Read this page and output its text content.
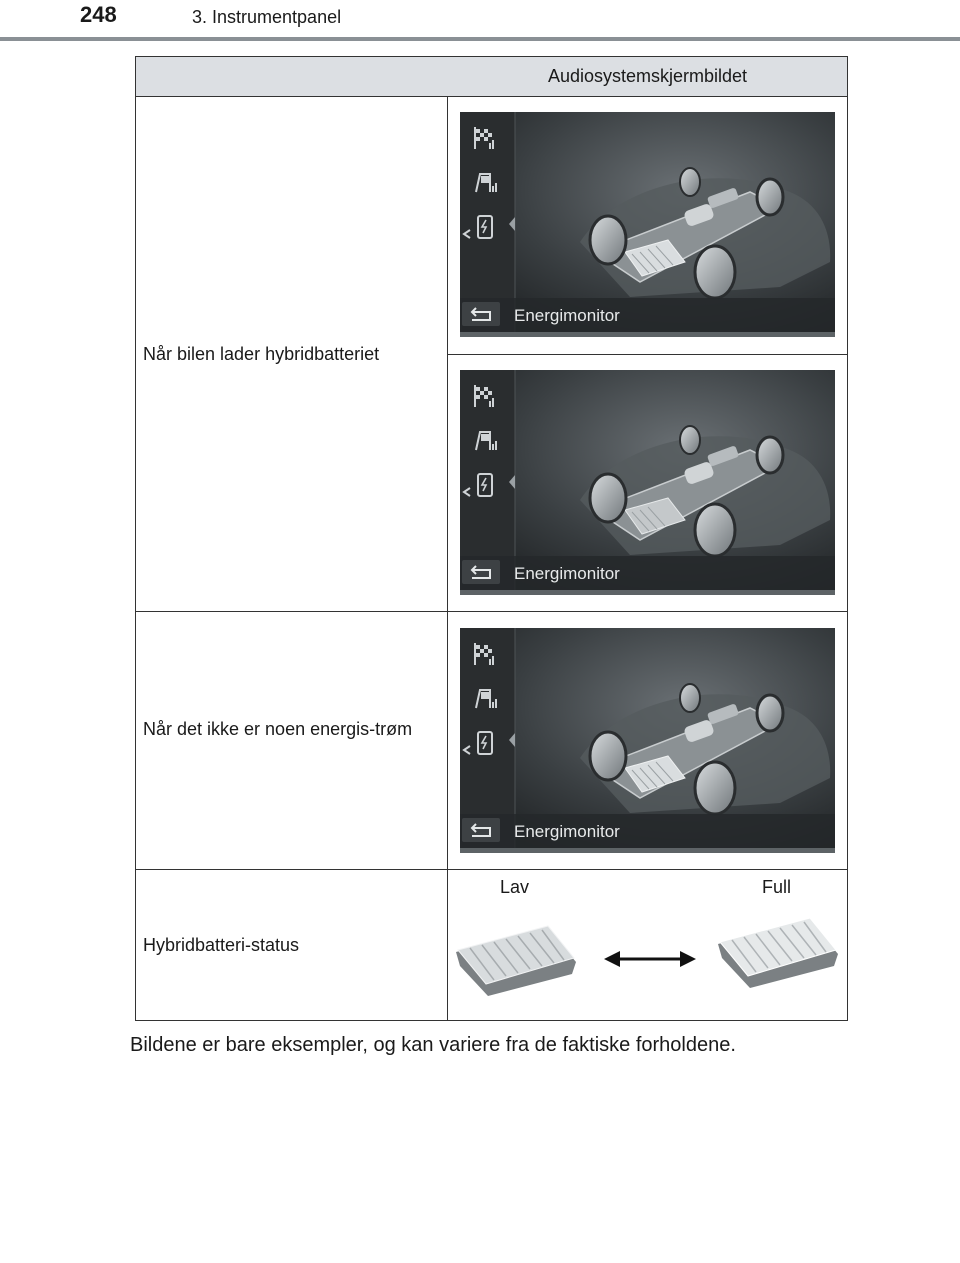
248	3. Instrumentpanel
Audiosystemskjermbildet
Når bilen lader hybridbatteriet
Energimonitor
Energimonitor
Når det ikke er noen energis-trøm
Energimonitor
Hybridbatteri-status
Lav	Full

Bildene er bare eksempler, og kan variere fra de faktiske forholdene.
